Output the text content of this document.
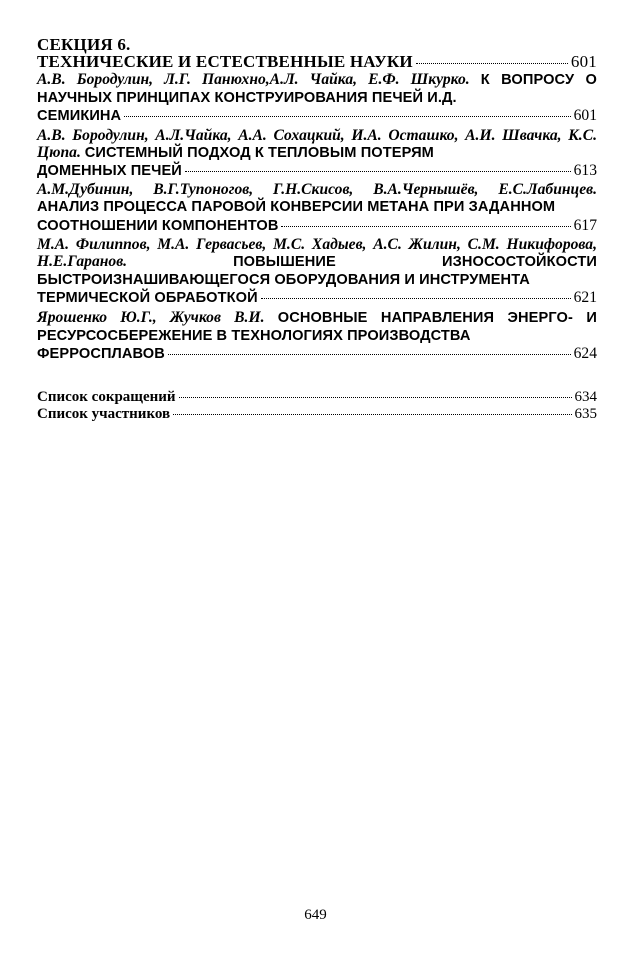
СЕКЦИЯ 6.
ТЕХНИЧЕСКИЕ И ЕСТЕСТВЕННЫЕ НАУКИ	601
А.В. Бородулин, Л.Г. Панюхно,А.Л. Чайка, Е.Ф. Шкурко. К ВОПРОСУ О НАУЧНЫХ ПРИНЦИПАХ КОНСТРУИРОВАНИЯ ПЕЧЕЙ И.Д.
СЕМИКИНА	601
А.В. Бородулин, А.Л.Чайка, А.А. Сохацкий, И.А. Осташко, А.И. Швачка, К.С. Цюпа. СИСТЕМНЫЙ ПОДХОД К ТЕПЛОВЫМ ПОТЕРЯМ
ДОМЕННЫХ ПЕЧЕЙ	613
А.М.Дубинин, В.Г.Тупоногов, Г.Н.Скисов, В.А.Чернышёв, Е.С.Лабинцев. АНАЛИЗ ПРОЦЕССА ПАРОВОЙ КОНВЕРСИИ МЕТАНА ПРИ ЗАДАННОМ
СООТНОШЕНИИ КОМПОНЕНТОВ	617
М.А. Филиппов, М.А. Гервасьев, М.С. Хадыев, А.С. Жилин, С.М. Никифорова, Н.Е.Гаранов.	ПОВЫШЕНИЕ ИЗНОСОСТОЙКОСТИ БЫСТРОИЗНАШИВАЮЩЕГОСЯ ОБОРУДОВАНИЯ И ИНСТРУМЕНТА
ТЕРМИЧЕСКОЙ ОБРАБОТКОЙ	621
Ярошенко Ю.Г., Жучков В.И. ОСНОВНЫЕ НАПРАВЛЕНИЯ ЭНЕРГО- И РЕСУРСОСБЕРЕЖЕНИЕ В ТЕХНОЛОГИЯХ ПРОИЗВОДСТВА
ФЕРРОСПЛАВОВ	624
Список сокращений	634
Список участников	635
649
